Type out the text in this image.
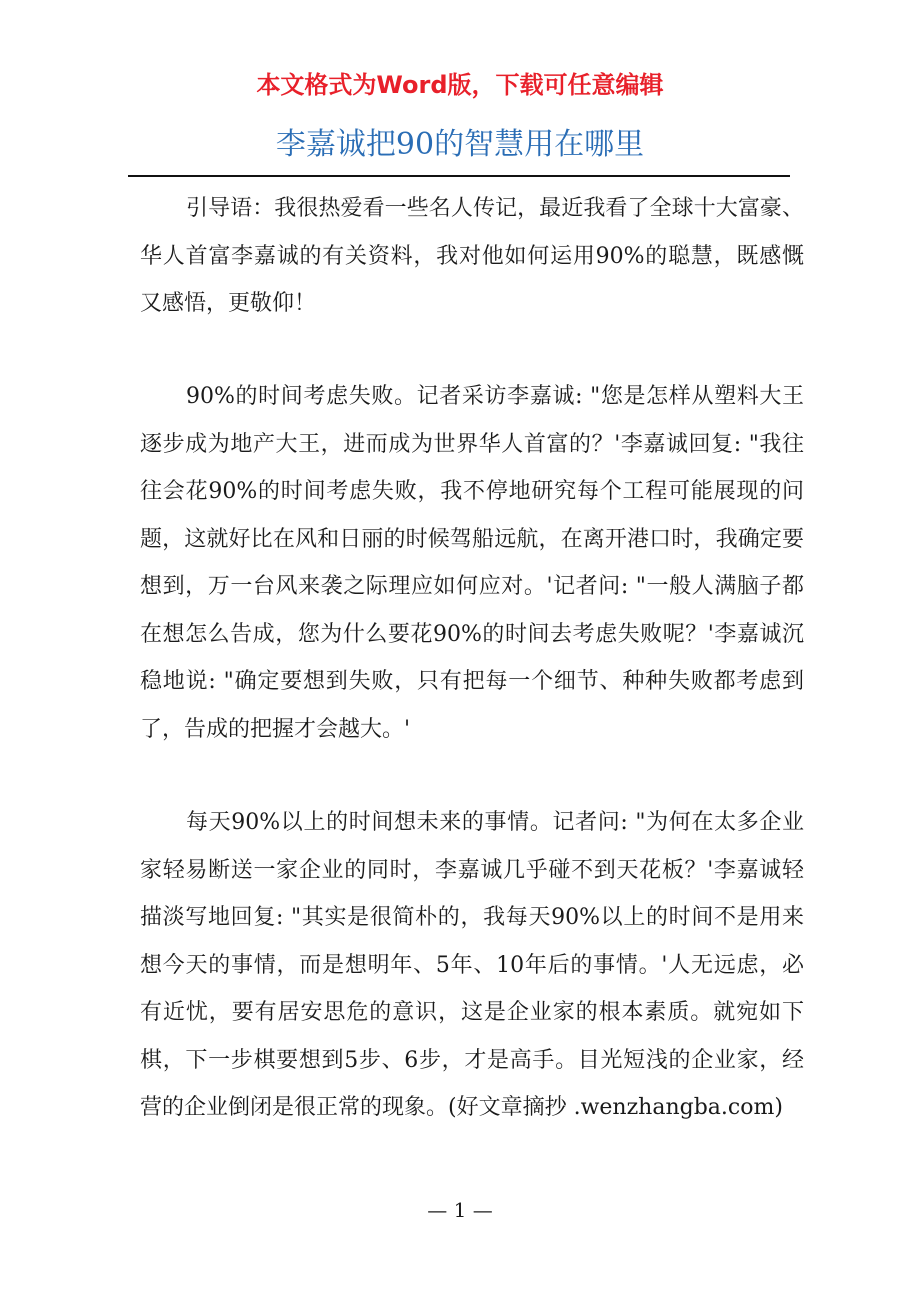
本文格式为Word版，下载可任意编辑
李嘉诚把90的智慧用在哪里

引导语：我很热爱看一些名人传记，最近我看了全球十大富豪、华人首富李嘉诚的有关资料，我对他如何运用90%的聪慧，既感慨又感悟，更敬仰！

90%的时间考虑失败。记者采访李嘉诚: "您是怎样从塑料大王逐步成为地产大王，进而成为世界华人首富的？'李嘉诚回复: "我往往会花90%的时间考虑失败，我不停地研究每个工程可能展现的问题，这就好比在风和日丽的时候驾船远航，在离开港口时，我确定要想到，万一台风来袭之际理应如何应对。'记者问: "一般人满脑子都在想怎么告成，您为什么要花90%的时间去考虑失败呢？'李嘉诚沉稳地说: "确定要想到失败，只有把每一个细节、种种失败都考虑到了，告成的把握才会越大。'

每天90%以上的时间想未来的事情。记者问: "为何在太多企业家轻易断送一家企业的同时，李嘉诚几乎碰不到天花板？'李嘉诚轻描淡写地回复: "其实是很简朴的，我每天90%以上的时间不是用来想今天的事情，而是想明年、5年、10年后的事情。'人无远虑，必有近忧，要有居安思危的意识，这是企业家的根本素质。就宛如下棋，下一步棋要想到5步、6步，才是高手。目光短浅的企业家，经营的企业倒闭是很正常的现象。(好文章摘抄 .wenzhangba.com)

— 1 —
